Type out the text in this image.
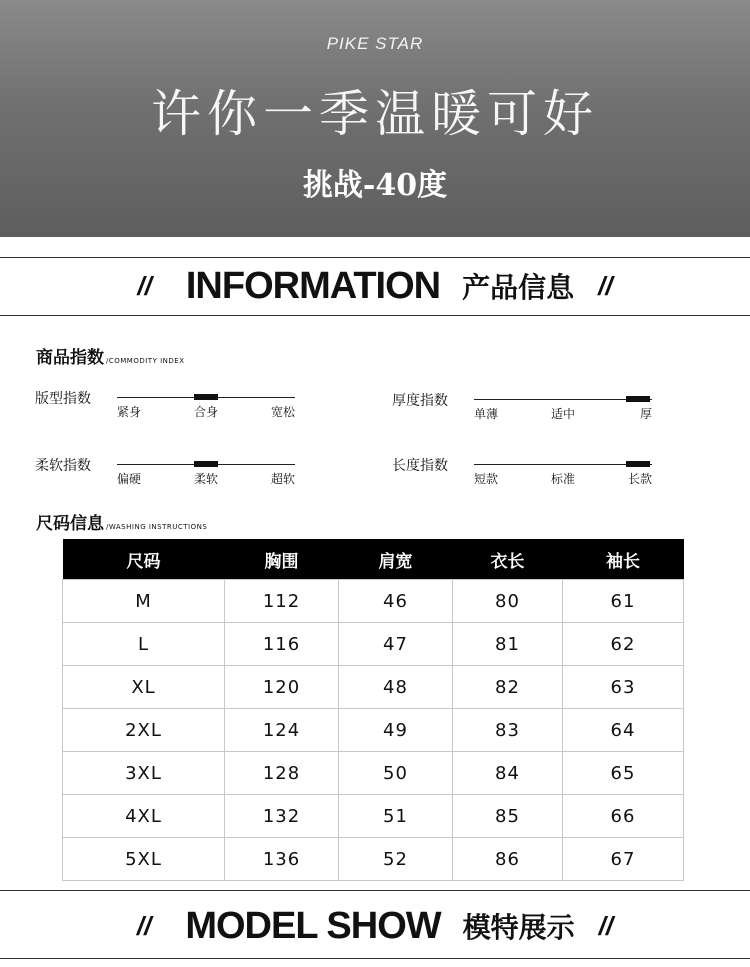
PIKE STAR
许你一季温暖可好
挑战-40度
// INFORMATION 产品信息 //
商品指数 /COMMODITY INDEX
版型指数
紧身	合身	宽松
厚度指数
单薄	适中	厚
柔软指数
偏硬	柔软	超软
长度指数
短款	标准	长款
尺码信息 /WASHING INSTRUCTIONS
尺码	胸围	肩宽	衣长	袖长
M	112	46	80	61
L	116	47	81	62
XL	120	48	82	63
2XL	124	49	83	64
3XL	128	50	84	65
4XL	132	51	85	66
5XL	136	52	86	67
// MODEL SHOW 模特展示 //
